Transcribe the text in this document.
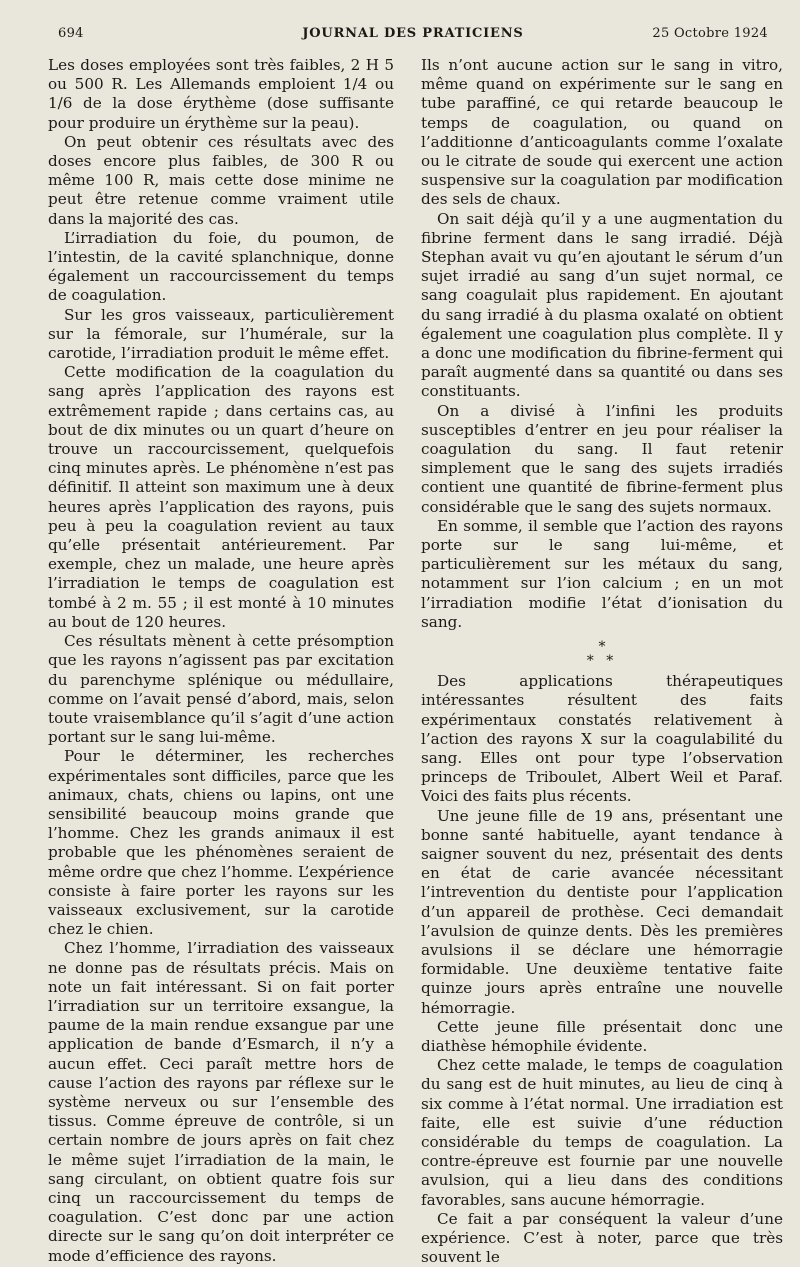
694	JOURNAL DES PRATICIENS	25 Octobre 1924

Les doses employées sont très faibles, 2 H 5 ou 500 R. Les Allemands emploient 1/4 ou 1/6 de la dose érythème (dose suffisante pour produire un érythème sur la peau).

On peut obtenir ces résultats avec des doses encore plus faibles, de 300 R ou même 100 R, mais cette dose minime ne peut être retenue comme vraiment utile dans la majorité des cas.

L’irradiation du foie, du poumon, de l’intestin, de la cavité splanchnique, donne également un raccourcissement du temps de coagulation.

Sur les gros vaisseaux, particulièrement sur la fémorale, sur l’humérale, sur la carotide, l’irradiation produit le même effet.

Cette modification de la coagulation du sang après l’application des rayons est extrêmement rapide ; dans certains cas, au bout de dix minutes ou un quart d’heure on trouve un raccourcissement, quelquefois cinq minutes après. Le phénomène n’est pas définitif. Il atteint son maximum une à deux heures après l’application des rayons, puis peu à peu la coagulation revient au taux qu’elle présentait antérieurement. Par exemple, chez un malade, une heure après l’irradiation le temps de coagulation est tombé à 2 m. 55 ; il est monté à 10 minutes au bout de 120 heures.

Ces résultats mènent à cette présomption que les rayons n’agissent pas par excitation du parenchyme splénique ou médullaire, comme on l’avait pensé d’abord, mais, selon toute vraisemblance qu’il s’agit d’une action portant sur le sang lui-même.

Pour le déterminer, les recherches expérimentales sont difficiles, parce que les animaux, chats, chiens ou lapins, ont une sensibilité beaucoup moins grande que l’homme. Chez les grands animaux il est probable que les phénomènes seraient de même ordre que chez l’homme. L’expérience consiste à faire porter les rayons sur les vaisseaux exclusivement, sur la carotide chez le chien.

Chez l’homme, l’irradiation des vaisseaux ne donne pas de résultats précis. Mais on note un fait intéressant. Si on fait porter l’irradiation sur un territoire exsangue, la paume de la main rendue exsangue par une application de bande d’Esmarch, il n’y a aucun effet. Ceci paraît mettre hors de cause l’action des rayons par réflexe sur le système nerveux ou sur l’ensemble des tissus. Comme épreuve de contrôle, si un certain nombre de jours après on fait chez le même sujet l’irradiation de la main, le sang circulant, on obtient quatre fois sur cinq un raccourcissement du temps de coagulation. C’est donc par une action directe sur le sang qu’on doit interpréter ce mode d’efficience des rayons.

Ils n’ont aucune action sur le sang in vitro, même quand on expérimente sur le sang en tube paraffiné, ce qui retarde beaucoup le temps de coagulation, ou quand on l’additionne d’anticoagulants comme l’oxalate ou le citrate de soude qui exercent une action suspensive sur la coagulation par modification des sels de chaux.

On sait déjà qu’il y a une augmentation du fibrine ferment dans le sang irradié. Déjà Stephan avait vu qu’en ajoutant le sérum d’un sujet irradié au sang d’un sujet normal, ce sang coagulait plus rapidement. En ajoutant du sang irradié à du plasma oxalaté on obtient également une coagulation plus complète. Il y a donc une modification du fibrine-ferment qui paraît augmenté dans sa quantité ou dans ses constituants.

On a divisé à l’infini les produits susceptibles d’entrer en jeu pour réaliser la coagulation du sang. Il faut retenir simplement que le sang des sujets irradiés contient une quantité de fibrine-ferment plus considérable que le sang des sujets normaux.

En somme, il semble que l’action des rayons porte sur le sang lui-même, et particulièrement sur les métaux du sang, notamment sur l’ion calcium ; en un mot l’irradiation modifie l’état d’ionisation du sang.

*
* *

Des applications thérapeutiques intéressantes résultent des faits expérimentaux constatés relativement à l’action des rayons X sur la coagulabilité du sang. Elles ont pour type l’observation princeps de Triboulet, Albert Weil et Paraf. Voici des faits plus récents.

Une jeune fille de 19 ans, présentant une bonne santé habituelle, ayant tendance à saigner souvent du nez, présentait des dents en état de carie avancée nécessitant l’intrevention du dentiste pour l’application d’un appareil de prothèse. Ceci demandait l’avulsion de quinze dents. Dès les premières avulsions il se déclare une hémorragie formidable. Une deuxième tentative faite quinze jours après entraîne une nouvelle hémorragie.

Cette jeune fille présentait donc une diathèse hémophile évidente.

Chez cette malade, le temps de coagulation du sang est de huit minutes, au lieu de cinq à six comme à l’état normal. Une irradiation est faite, elle est suivie d’une réduction considérable du temps de coagulation. La contre-épreuve est fournie par une nouvelle avulsion, qui a lieu dans des conditions favorables, sans aucune hémorragie.

Ce fait a par conséquent la valeur d’une expérience. C’est à noter, parce que très souvent le
